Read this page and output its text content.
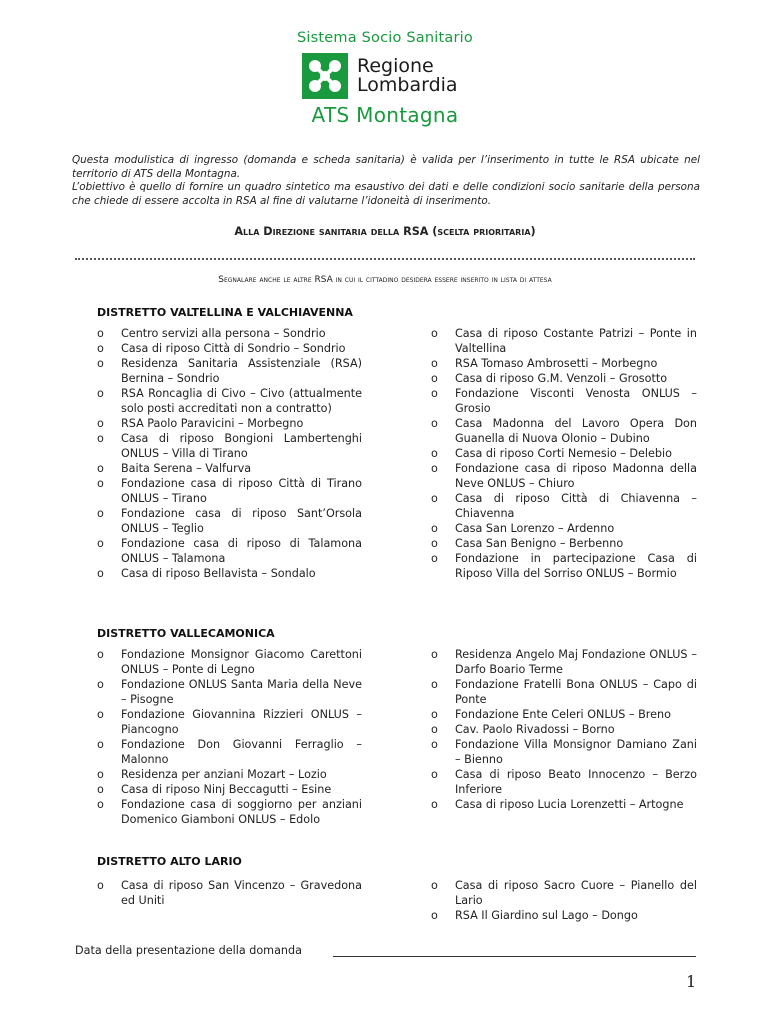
Sistema Socio Sanitario
Regione
Lombardia
ATS Montagna
Questa modulistica di ingresso (domanda e scheda sanitaria) è valida per l’inserimento in tutte le RSA ubicate nel territorio di ATS della Montagna.
L’obiettivo è quello di fornire un quadro sintetico ma esaustivo dei dati e delle condizioni socio sanitarie della persona che chiede di essere accolta in RSA al fine di valutarne l’idoneità di inserimento.
Alla Direzione sanitaria della RSA (scelta prioritaria)
Segnalare anche le altre RSA in cui il cittadino desidera essere inserito in lista di attesa
DISTRETTO VALTELLINA E VALCHIAVENNA
o Centro servizi alla persona – Sondrio
o Casa di riposo Città di Sondrio – Sondrio
o Residenza Sanitaria Assistenziale (RSA) Bernina – Sondrio
o RSA Roncaglia di Civo – Civo (attualmente solo posti accreditati non a contratto)
o RSA Paolo Paravicini – Morbegno
o Casa di riposo Bongioni Lambertenghi ONLUS – Villa di Tirano
o Baita Serena – Valfurva
o Fondazione casa di riposo Città di Tirano ONLUS – Tirano
o Fondazione casa di riposo Sant’Orsola ONLUS – Teglio
o Fondazione casa di riposo di Talamona ONLUS – Talamona
o Casa di riposo Bellavista – Sondalo
o Casa di riposo Costante Patrizi – Ponte in Valtellina
o RSA Tomaso Ambrosetti – Morbegno
o Casa di riposo G.M. Venzoli – Grosotto
o Fondazione Visconti Venosta ONLUS – Grosio
o Casa Madonna del Lavoro Opera Don Guanella di Nuova Olonio – Dubino
o Casa di riposo Corti Nemesio – Delebio
o Fondazione casa di riposo Madonna della Neve ONLUS – Chiuro
o Casa di riposo Città di Chiavenna – Chiavenna
o Casa San Lorenzo – Ardenno
o Casa San Benigno – Berbenno
o Fondazione in partecipazione Casa di Riposo Villa del Sorriso ONLUS – Bormio
DISTRETTO VALLECAMONICA
o Fondazione Monsignor Giacomo Carettoni ONLUS – Ponte di Legno
o Fondazione ONLUS Santa Maria della Neve – Pisogne
o Fondazione Giovannina Rizzieri ONLUS – Piancogno
o Fondazione Don Giovanni Ferraglio – Malonno
o Residenza per anziani Mozart – Lozio
o Casa di riposo Ninj Beccagutti – Esine
o Fondazione casa di soggiorno per anziani Domenico Giamboni ONLUS – Edolo
o Residenza Angelo Maj Fondazione ONLUS – Darfo Boario Terme
o Fondazione Fratelli Bona ONLUS – Capo di Ponte
o Fondazione Ente Celeri ONLUS – Breno
o Cav. Paolo Rivadossi – Borno
o Fondazione Villa Monsignor Damiano Zani – Bienno
o Casa di riposo Beato Innocenzo – Berzo Inferiore
o Casa di riposo Lucia Lorenzetti – Artogne
DISTRETTO ALTO LARIO
o Casa di riposo San Vincenzo – Gravedona ed Uniti
o Casa di riposo Sacro Cuore – Pianello del Lario
o RSA Il Giardino sul Lago – Dongo
Data della presentazione della domanda
1
